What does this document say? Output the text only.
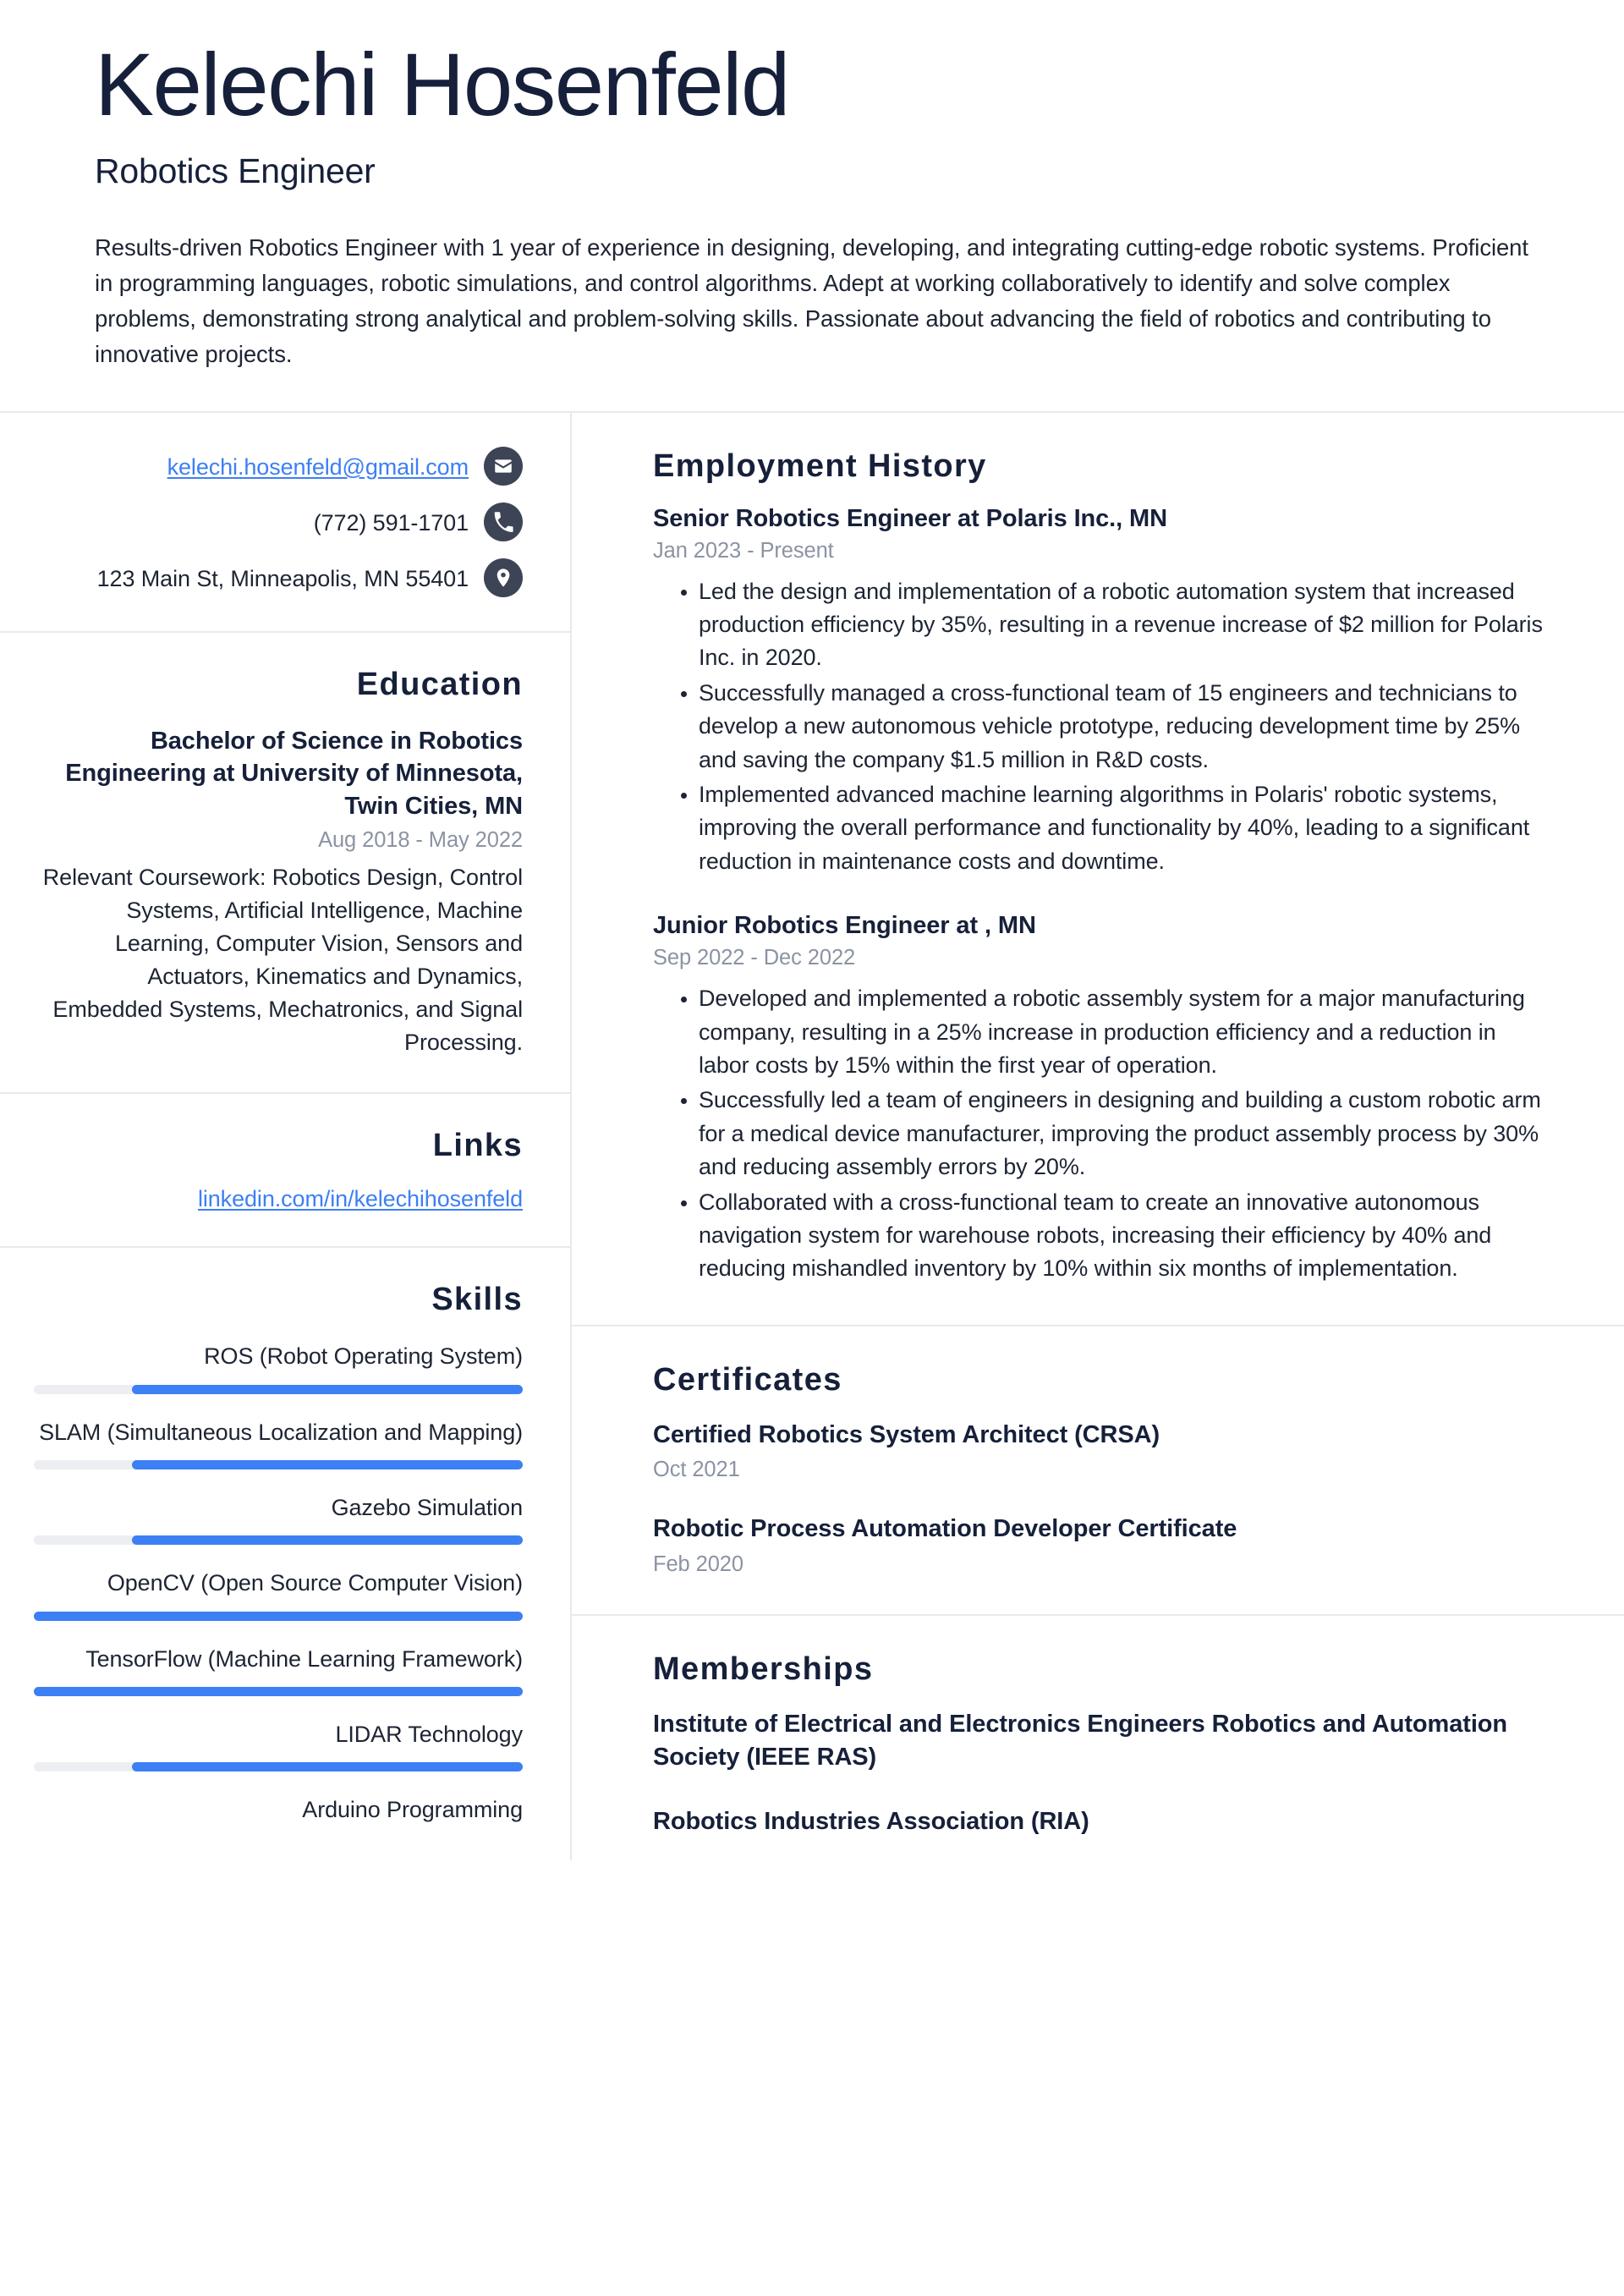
Kelechi Hosenfeld
Robotics Engineer
Results-driven Robotics Engineer with 1 year of experience in designing, developing, and integrating cutting-edge robotic systems. Proficient in programming languages, robotic simulations, and control algorithms. Adept at working collaboratively to identify and solve complex problems, demonstrating strong analytical and problem-solving skills. Passionate about advancing the field of robotics and contributing to innovative projects.
kelechi.hosenfeld@gmail.com
(772) 591-1701
123 Main St, Minneapolis, MN 55401
Education
Bachelor of Science in Robotics Engineering at University of Minnesota, Twin Cities, MN
Aug 2018 - May 2022
Relevant Coursework: Robotics Design, Control Systems, Artificial Intelligence, Machine Learning, Computer Vision, Sensors and Actuators, Kinematics and Dynamics, Embedded Systems, Mechatronics, and Signal Processing.
Links
linkedin.com/in/kelechihosenfeld
Skills
ROS (Robot Operating System)
SLAM (Simultaneous Localization and Mapping)
Gazebo Simulation
OpenCV (Open Source Computer Vision)
TensorFlow (Machine Learning Framework)
LIDAR Technology
Arduino Programming
Employment History
Senior Robotics Engineer at Polaris Inc., MN
Jan 2023 - Present
• Led the design and implementation of a robotic automation system that increased production efficiency by 35%, resulting in a revenue increase of $2 million for Polaris Inc. in 2020.
• Successfully managed a cross-functional team of 15 engineers and technicians to develop a new autonomous vehicle prototype, reducing development time by 25% and saving the company $1.5 million in R&D costs.
• Implemented advanced machine learning algorithms in Polaris' robotic systems, improving the overall performance and functionality by 40%, leading to a significant reduction in maintenance costs and downtime.
Junior Robotics Engineer at , MN
Sep 2022 - Dec 2022
• Developed and implemented a robotic assembly system for a major manufacturing company, resulting in a 25% increase in production efficiency and a reduction in labor costs by 15% within the first year of operation.
• Successfully led a team of engineers in designing and building a custom robotic arm for a medical device manufacturer, improving the product assembly process by 30% and reducing assembly errors by 20%.
• Collaborated with a cross-functional team to create an innovative autonomous navigation system for warehouse robots, increasing their efficiency by 40% and reducing mishandled inventory by 10% within six months of implementation.
Certificates
Certified Robotics System Architect (CRSA)
Oct 2021
Robotic Process Automation Developer Certificate
Feb 2020
Memberships
Institute of Electrical and Electronics Engineers Robotics and Automation Society (IEEE RAS)
Robotics Industries Association (RIA)
